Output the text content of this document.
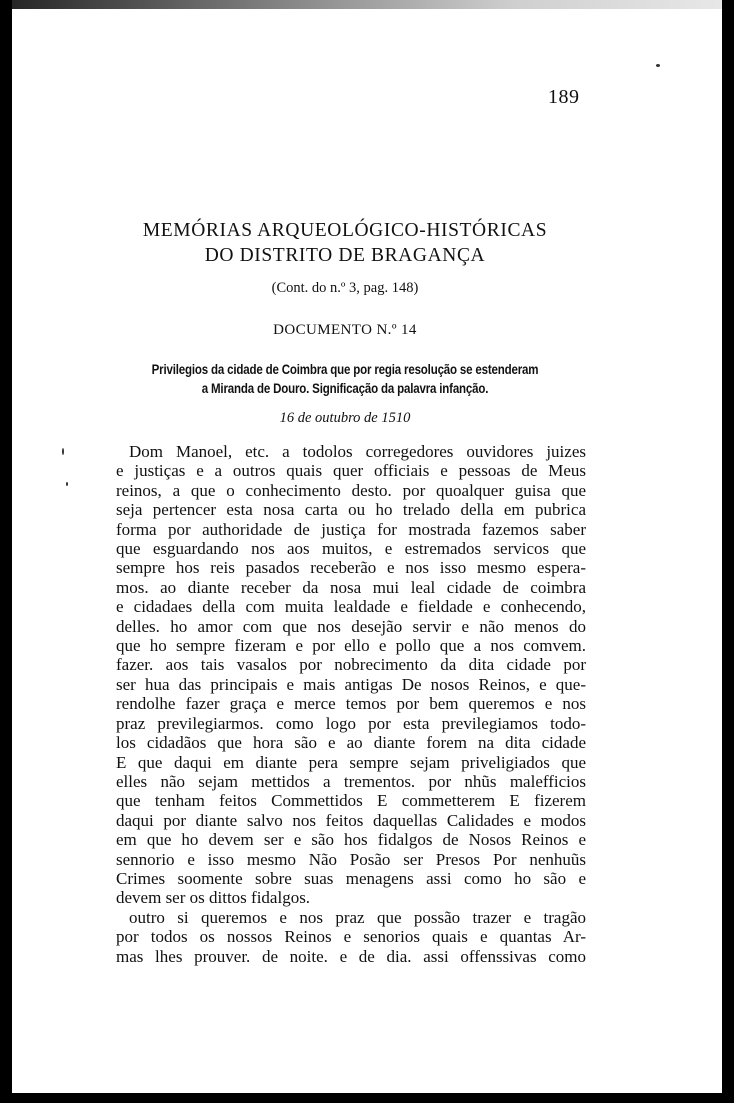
189
MEMÓRIAS ARQUEOLÓGICO-HISTÓRICAS
DO DISTRITO DE BRAGANÇA
(Cont. do n.º 3, pag. 148)
DOCUMENTO N.º 14
Privilegios da cidade de Coimbra que por regia resolução se estenderam
a Miranda de Douro. Significação da palavra infanção.
16 de outubro de 1510
Dom Manoel, etc. a todolos corregedores ouvidores juizes
e justiças e a outros quais quer officiais e pessoas de Meus
reinos, a que o conhecimento desto. por quoalquer guisa que
seja pertencer esta nosa carta ou ho trelado della em pubrica
forma por authoridade de justiça for mostrada fazemos saber
que esguardando nos aos muitos, e estremados servicos que
sempre hos reis pasados receberão e nos isso mesmo espera-
mos. ao diante receber da nosa mui leal cidade de coimbra
e cidadaes della com muita lealdade e fieldade e conhecendo,
delles. ho amor com que nos desejão servir e não menos do
que ho sempre fizeram e por ello e pollo que a nos comvem.
fazer. aos tais vasalos por nobrecimento da dita cidade por
ser hua das principais e mais antigas De nosos Reinos, e que-
rendolhe fazer graça e merce temos por bem queremos e nos
praz previlegiarmos. como logo por esta previlegiamos todo-
los cidadãos que hora são e ao diante forem na dita cidade
E que daqui em diante pera sempre sejam priveligiados que
elles não sejam mettidos a trementos. por nhũs malefficios
que tenham feitos Commettidos E commetterem E fizerem
daqui por diante salvo nos feitos daquellas Calidades e modos
em que ho devem ser e são hos fidalgos de Nosos Reinos e
sennorio e isso mesmo Não Posão ser Presos Por nenhuũs
Crimes soomente sobre suas menagens assi como ho são e
devem ser os dittos fidalgos.
outro si queremos e nos praz que possão trazer e tragão
por todos os nossos Reinos e senorios quais e quantas Ar-
mas lhes prouver. de noite. e de dia. assi offenssivas como
